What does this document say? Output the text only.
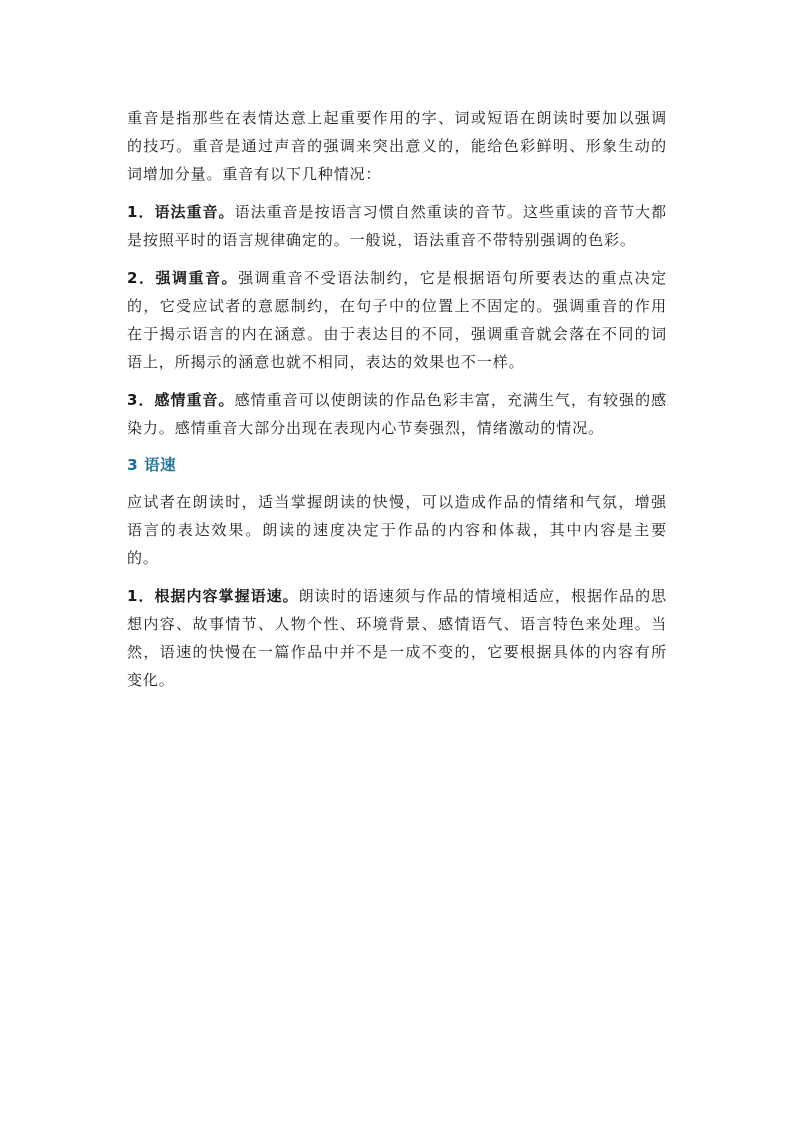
重音是指那些在表情达意上起重要作用的字、词或短语在朗读时要加以强调的技巧。重音是通过声音的强调来突出意义的，能给色彩鲜明、形象生动的词增加分量。重音有以下几种情况：

1．语法重音。语法重音是按语言习惯自然重读的音节。这些重读的音节大都是按照平时的语言规律确定的。一般说，语法重音不带特别强调的色彩。

2．强调重音。强调重音不受语法制约，它是根据语句所要表达的重点决定的，它受应试者的意愿制约，在句子中的位置上不固定的。强调重音的作用在于揭示语言的内在涵意。由于表达目的不同，强调重音就会落在不同的词语上，所揭示的涵意也就不相同，表达的效果也不一样。

3．感情重音。感情重音可以使朗读的作品色彩丰富，充满生气，有较强的感染力。感情重音大部分出现在表现内心节奏强烈，情绪激动的情况。

3 语速

应试者在朗读时，适当掌握朗读的快慢，可以造成作品的情绪和气氛，增强语言的表达效果。朗读的速度决定于作品的内容和体裁，其中内容是主要的。

1．根据内容掌握语速。朗读时的语速须与作品的情境相适应，根据作品的思想内容、故事情节、人物个性、环境背景、感情语气、语言特色来处理。当然，语速的快慢在一篇作品中并不是一成不变的，它要根据具体的内容有所变化。
